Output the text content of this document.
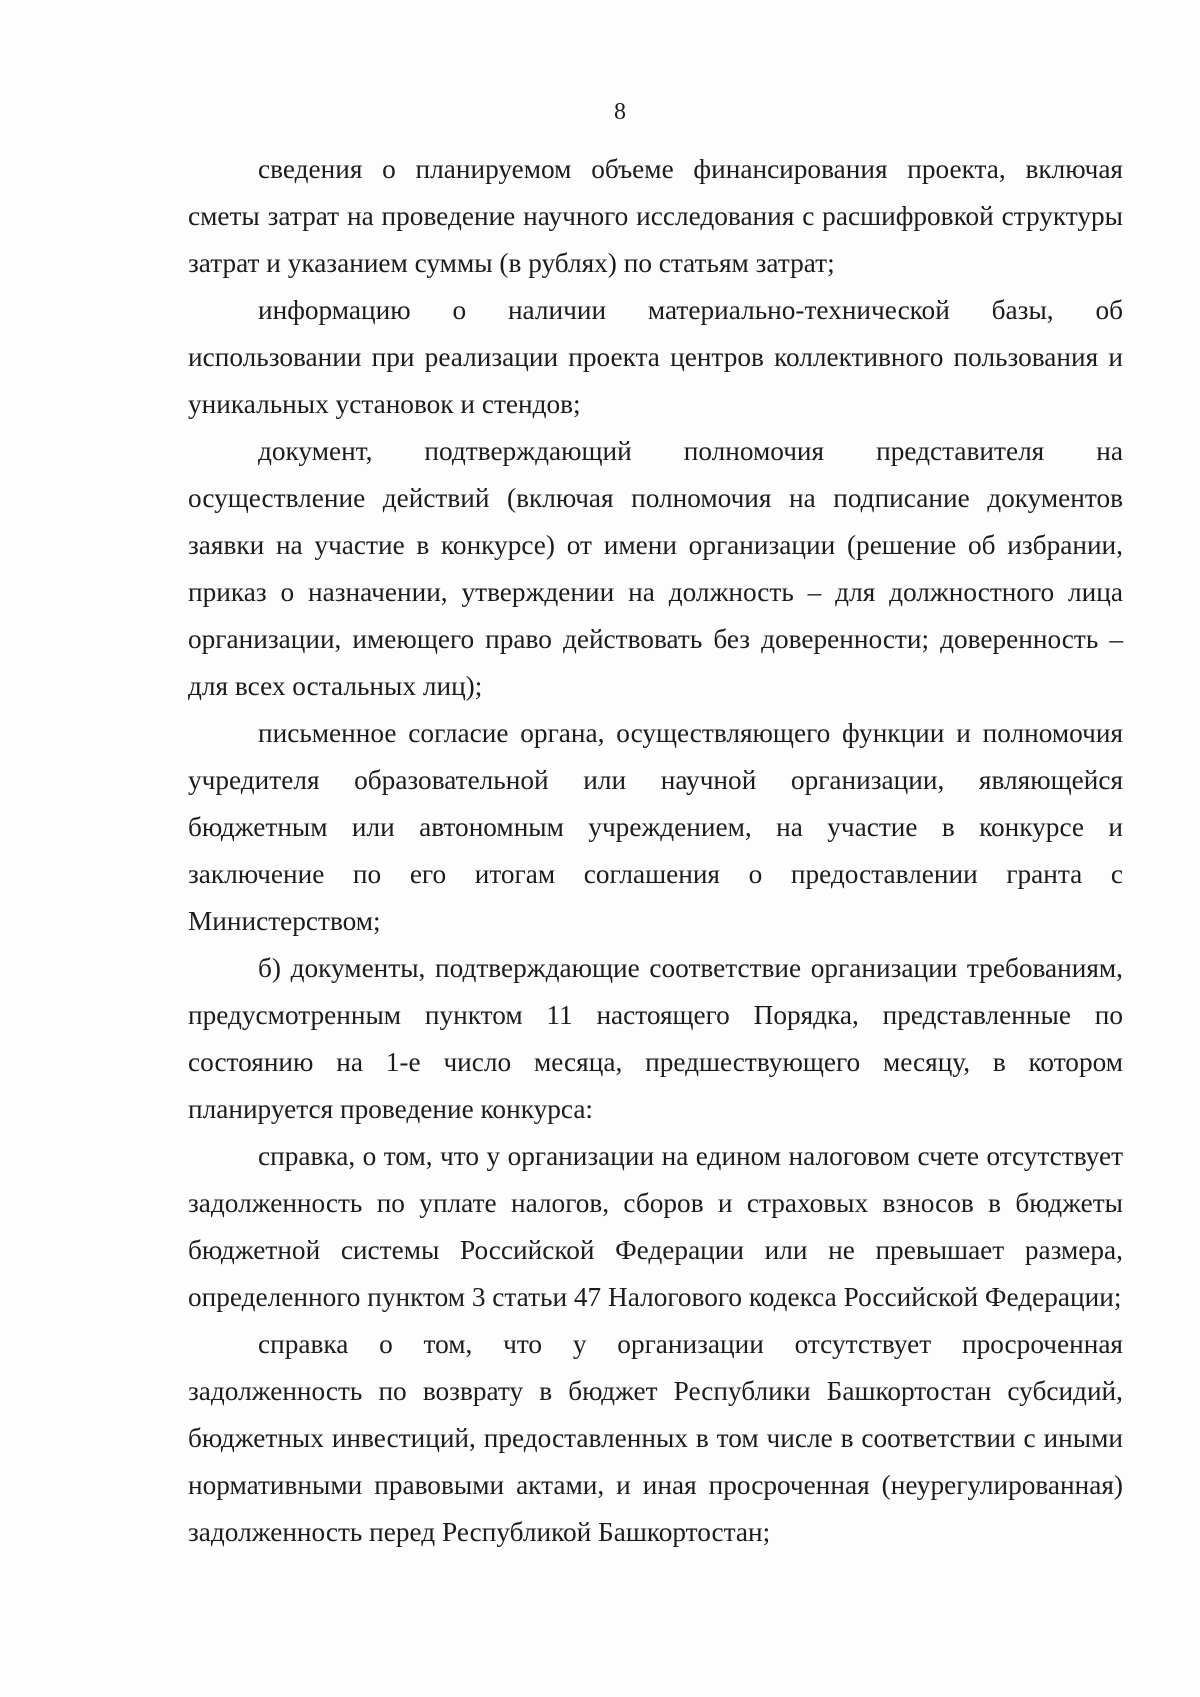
8

сведения о планируемом объеме финансирования проекта, включая сметы затрат на проведение научного исследования с расшифровкой структуры затрат и указанием суммы (в рублях) по статьям затрат;

информацию о наличии материально-технической базы, об использовании при реализации проекта центров коллективного пользования и уникальных установок и стендов;

документ, подтверждающий полномочия представителя на осуществление действий (включая полномочия на подписание документов заявки на участие в конкурсе) от имени организации (решение об избрании, приказ о назначении, утверждении на должность – для должностного лица организации, имеющего право действовать без доверенности; доверенность – для всех остальных лиц);

письменное согласие органа, осуществляющего функции и полномочия учредителя образовательной или научной организации, являющейся бюджетным или автономным учреждением, на участие в конкурсе и заключение по его итогам соглашения о предоставлении гранта с Министерством;

б) документы, подтверждающие соответствие организации требованиям, предусмотренным пунктом 11 настоящего Порядка, представленные по состоянию на 1-е число месяца, предшествующего месяцу, в котором планируется проведение конкурса:

справка, о том, что у организации на едином налоговом счете отсутствует задолженность по уплате налогов, сборов и страховых взносов в бюджеты бюджетной системы Российской Федерации или не превышает размера, определенного пунктом 3 статьи 47 Налогового кодекса Российской Федерации;

справка о том, что у организации отсутствует просроченная задолженность по возврату в бюджет Республики Башкортостан субсидий, бюджетных инвестиций, предоставленных в том числе в соответствии с иными нормативными правовыми актами, и иная просроченная (неурегулированная) задолженность перед Республикой Башкортостан;
